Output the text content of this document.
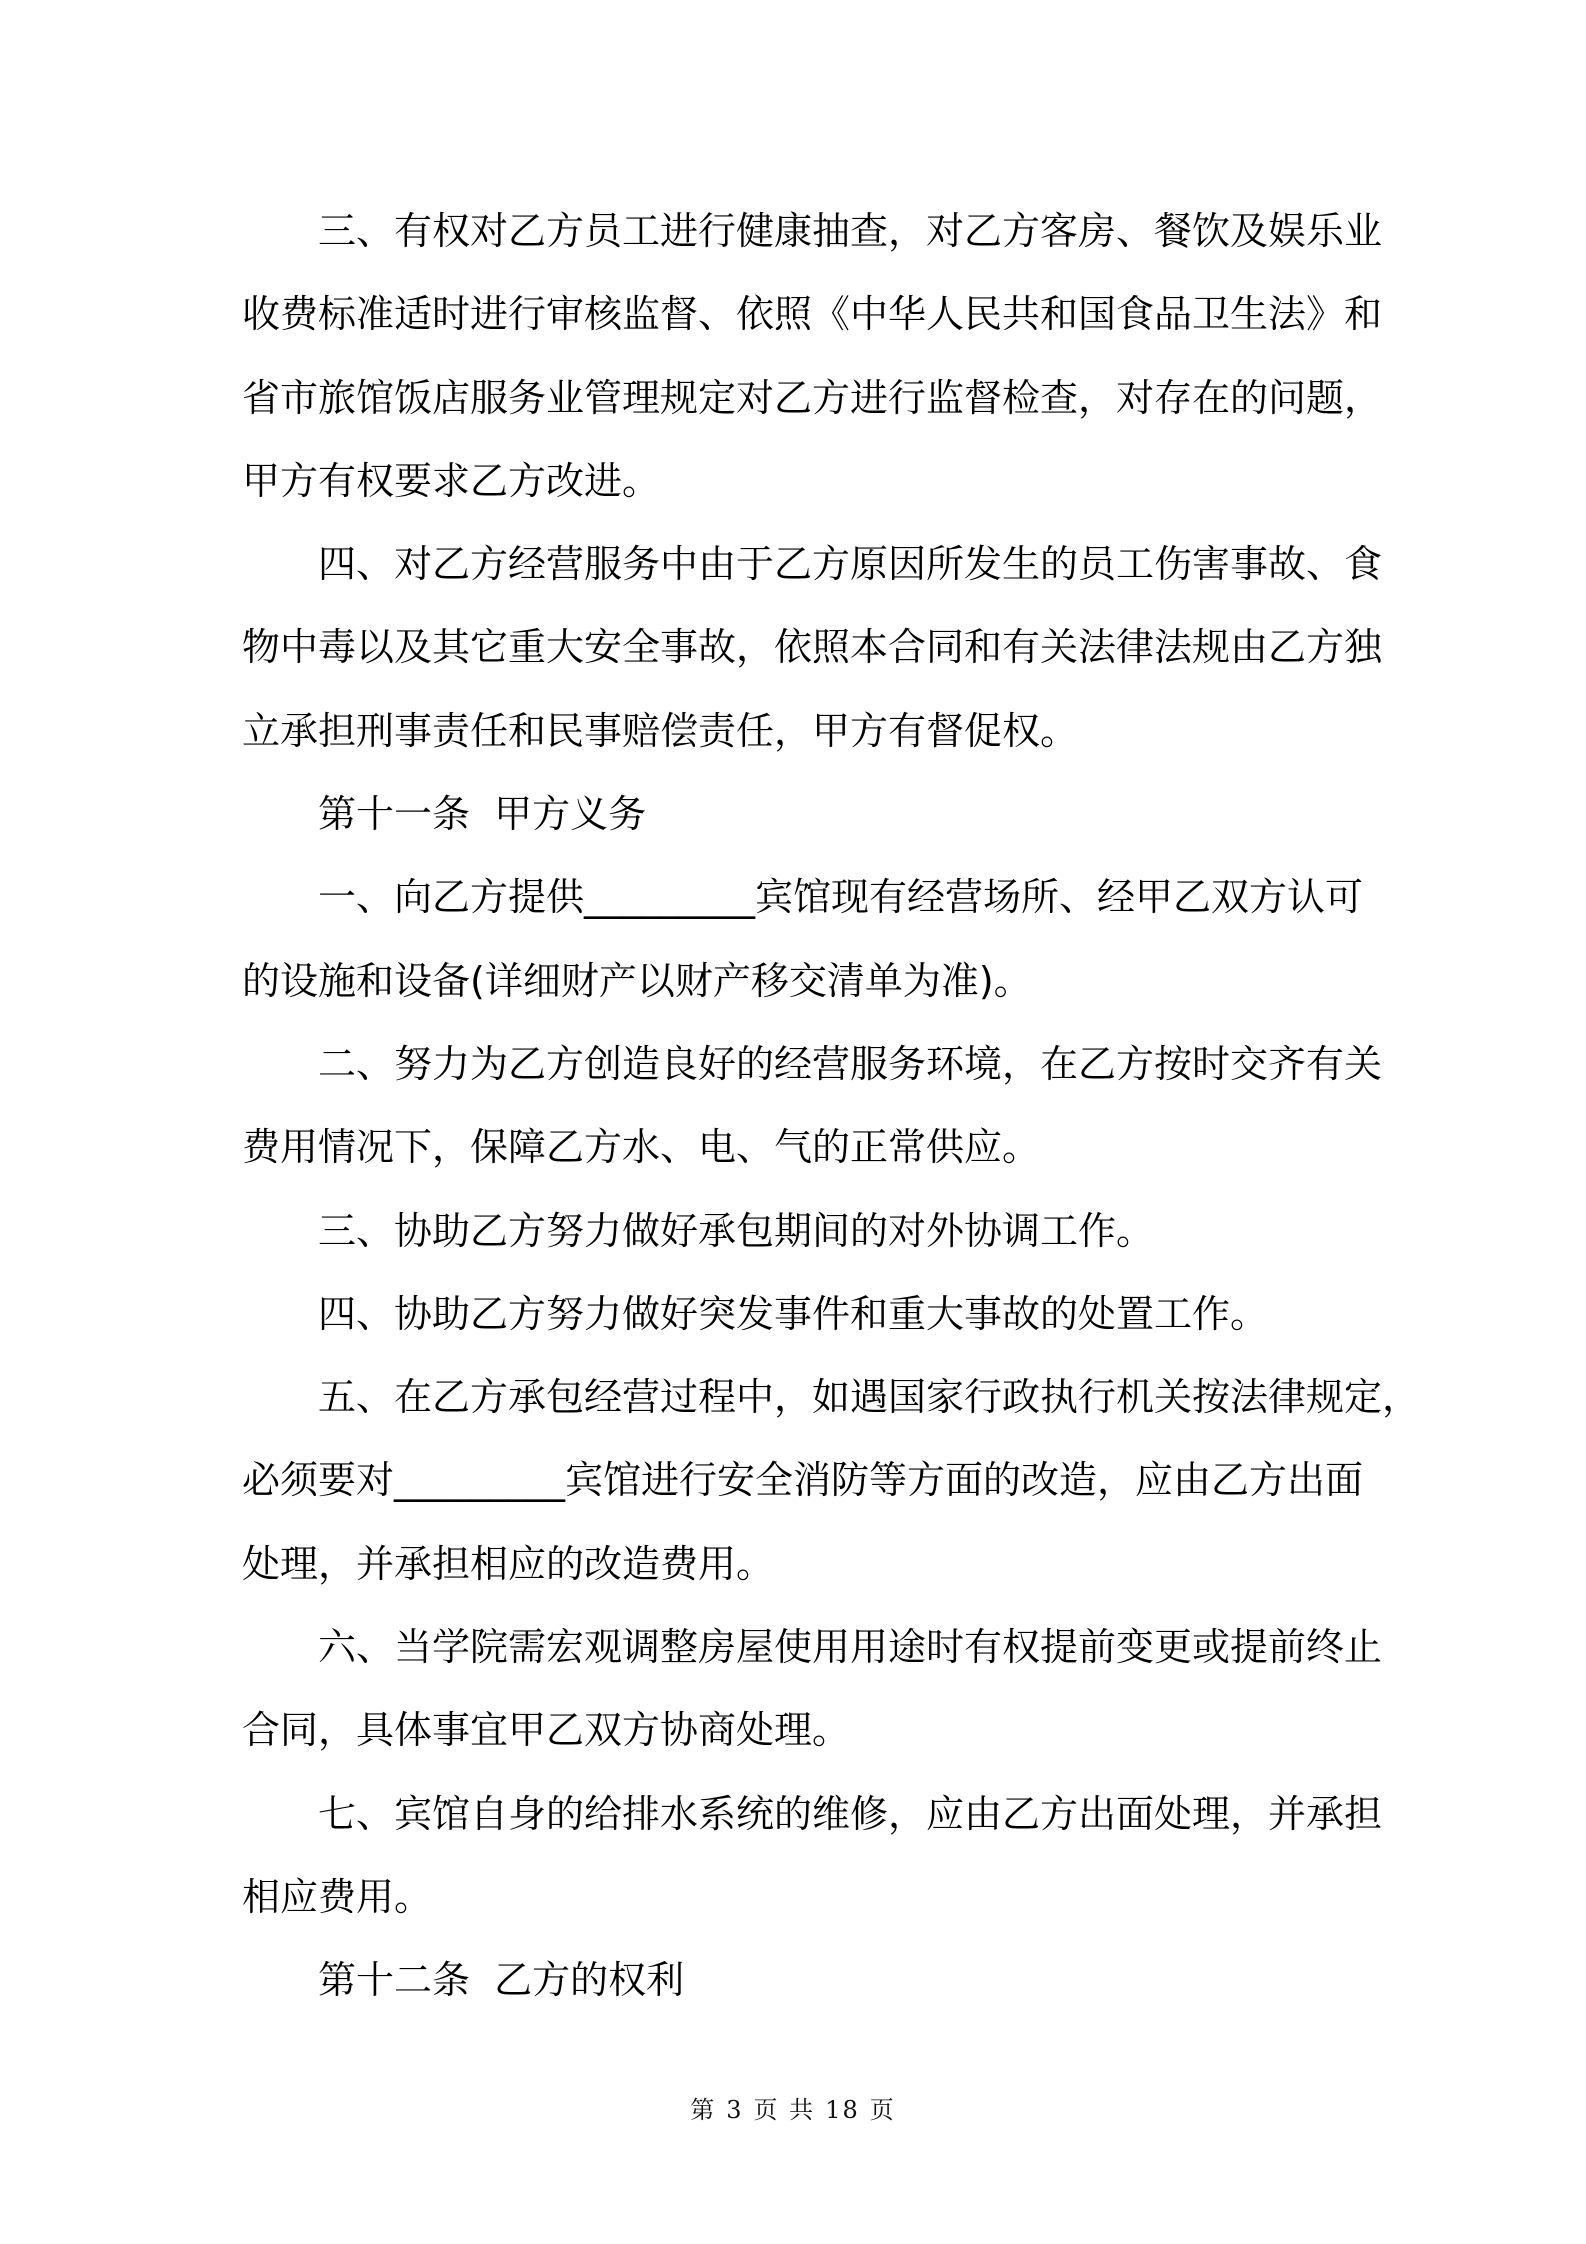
三、有权对乙方员工进行健康抽查，对乙方客房、餐饮及娱乐业
收费标准适时进行审核监督、依照《中华人民共和国食品卫生法》和
省市旅馆饭店服务业管理规定对乙方进行监督检查，对存在的问题，
甲方有权要求乙方改进。
四、对乙方经营服务中由于乙方原因所发生的员工伤害事故、食
物中毒以及其它重大安全事故，依照本合同和有关法律法规由乙方独
立承担刑事责任和民事赔偿责任，甲方有督促权。
第十一条  甲方义务
一、向乙方提供_________宾馆现有经营场所、经甲乙双方认可
的设施和设备(详细财产以财产移交清单为准)。
二、努力为乙方创造良好的经营服务环境，在乙方按时交齐有关
费用情况下，保障乙方水、电、气的正常供应。
三、协助乙方努力做好承包期间的对外协调工作。
四、协助乙方努力做好突发事件和重大事故的处置工作。
五、在乙方承包经营过程中，如遇国家行政执行机关按法律规定，
必须要对_________宾馆进行安全消防等方面的改造，应由乙方出面
处理，并承担相应的改造费用。
六、当学院需宏观调整房屋使用用途时有权提前变更或提前终止
合同，具体事宜甲乙双方协商处理。
七、宾馆自身的给排水系统的维修，应由乙方出面处理，并承担
相应费用。
第十二条  乙方的权利
第 3 页 共 18 页
